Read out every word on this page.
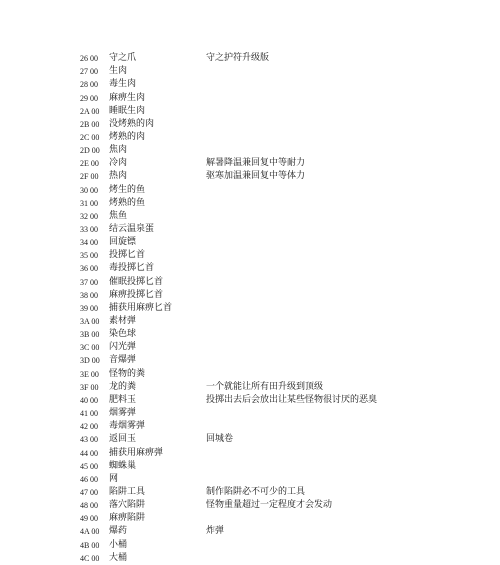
26 00 守之爪	守之护符升级版
27 00 生肉
28 00 毒生肉
29 00 麻痹生肉
2A 00 睡眠生肉
2B 00 没烤熟的肉
2C 00 烤熟的肉
2D 00 焦肉
2E 00 冷肉	解暑降温兼回复中等耐力
2F 00 热肉	驱寒加温兼回复中等体力
30 00 烤生的鱼
31 00 烤熟的鱼
32 00 焦鱼
33 00 结云温泉蛋
34 00 回旋镖
35 00 投掷匕首
36 00 毒投掷匕首
37 00 催眠投掷匕首
38 00 麻痹投掷匕首
39 00 捕获用麻痹匕首
3A 00 素材弹
3B 00 染色球
3C 00 闪光弹
3D 00 音爆弹
3E 00 怪物的粪
3F 00 龙的粪	一个就能让所有田升级到顶级
40 00 肥料玉	投掷出去后会放出让某些怪物很讨厌的恶臭
41 00 烟雾弹
42 00 毒烟雾弹
43 00 返回玉	回城卷
44 00 捕获用麻痹弹
45 00 蜘蛛巢
46 00 网
47 00 陷阱工具	制作陷阱必不可少的工具
48 00 落穴陷阱	怪物重量超过一定程度才会发动
49 00 麻痹陷阱
4A 00 爆药	炸弹
4B 00 小桶
4C 00 大桶
